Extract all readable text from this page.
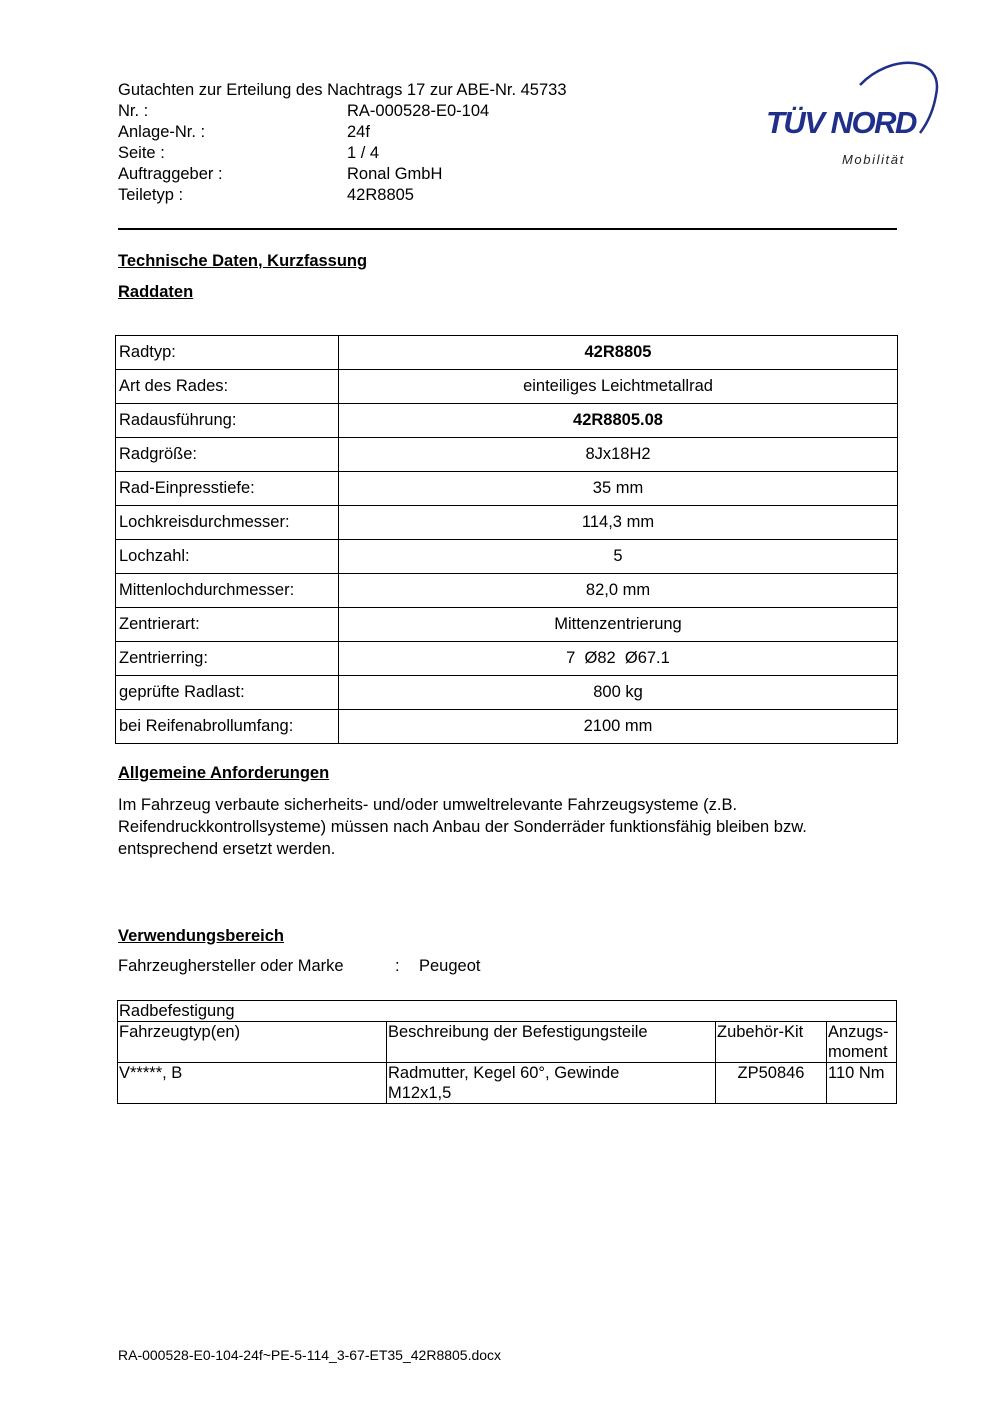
Gutachten zur Erteilung des Nachtrags 17 zur ABE-Nr. 45733
Nr. :	RA-000528-E0-104
Anlage-Nr. :	24f
Seite :	1 / 4
Auftraggeber :	Ronal GmbH
Teiletyp :	42R8805
TÜV NORD
Mobilität
Technische Daten, Kurzfassung
Raddaten
Radtyp:	42R8805
Art des Rades:	einteiliges Leichtmetallrad
Radausführung:	42R8805.08
Radgröße:	8Jx18H2
Rad-Einpresstiefe:	35 mm
Lochkreisdurchmesser:	114,3 mm
Lochzahl:	5
Mittenlochdurchmesser:	82,0 mm
Zentrierart:	Mittenzentrierung
Zentrierring:	7  Ø82  Ø67.1
geprüfte Radlast:	800 kg
bei Reifenabrollumfang:	2100 mm
Allgemeine Anforderungen
Im Fahrzeug verbaute sicherheits- und/oder umweltrelevante Fahrzeugsysteme (z.B. Reifendruckkontrollsysteme) müssen nach Anbau der Sonderräder funktionsfähig bleiben bzw. entsprechend ersetzt werden.
Verwendungsbereich
Fahrzeughersteller oder Marke	:	Peugeot
Radbefestigung			
Fahrzeugtyp(en)	Beschreibung der Befestigungsteile	Zubehör-Kit	Anzugs-
moment
V*****, B	Radmutter, Kegel 60°, Gewinde
M12x1,5	ZP50846	110 Nm
RA-000528-E0-104-24f~PE-5-114_3-67-ET35_42R8805.docx
